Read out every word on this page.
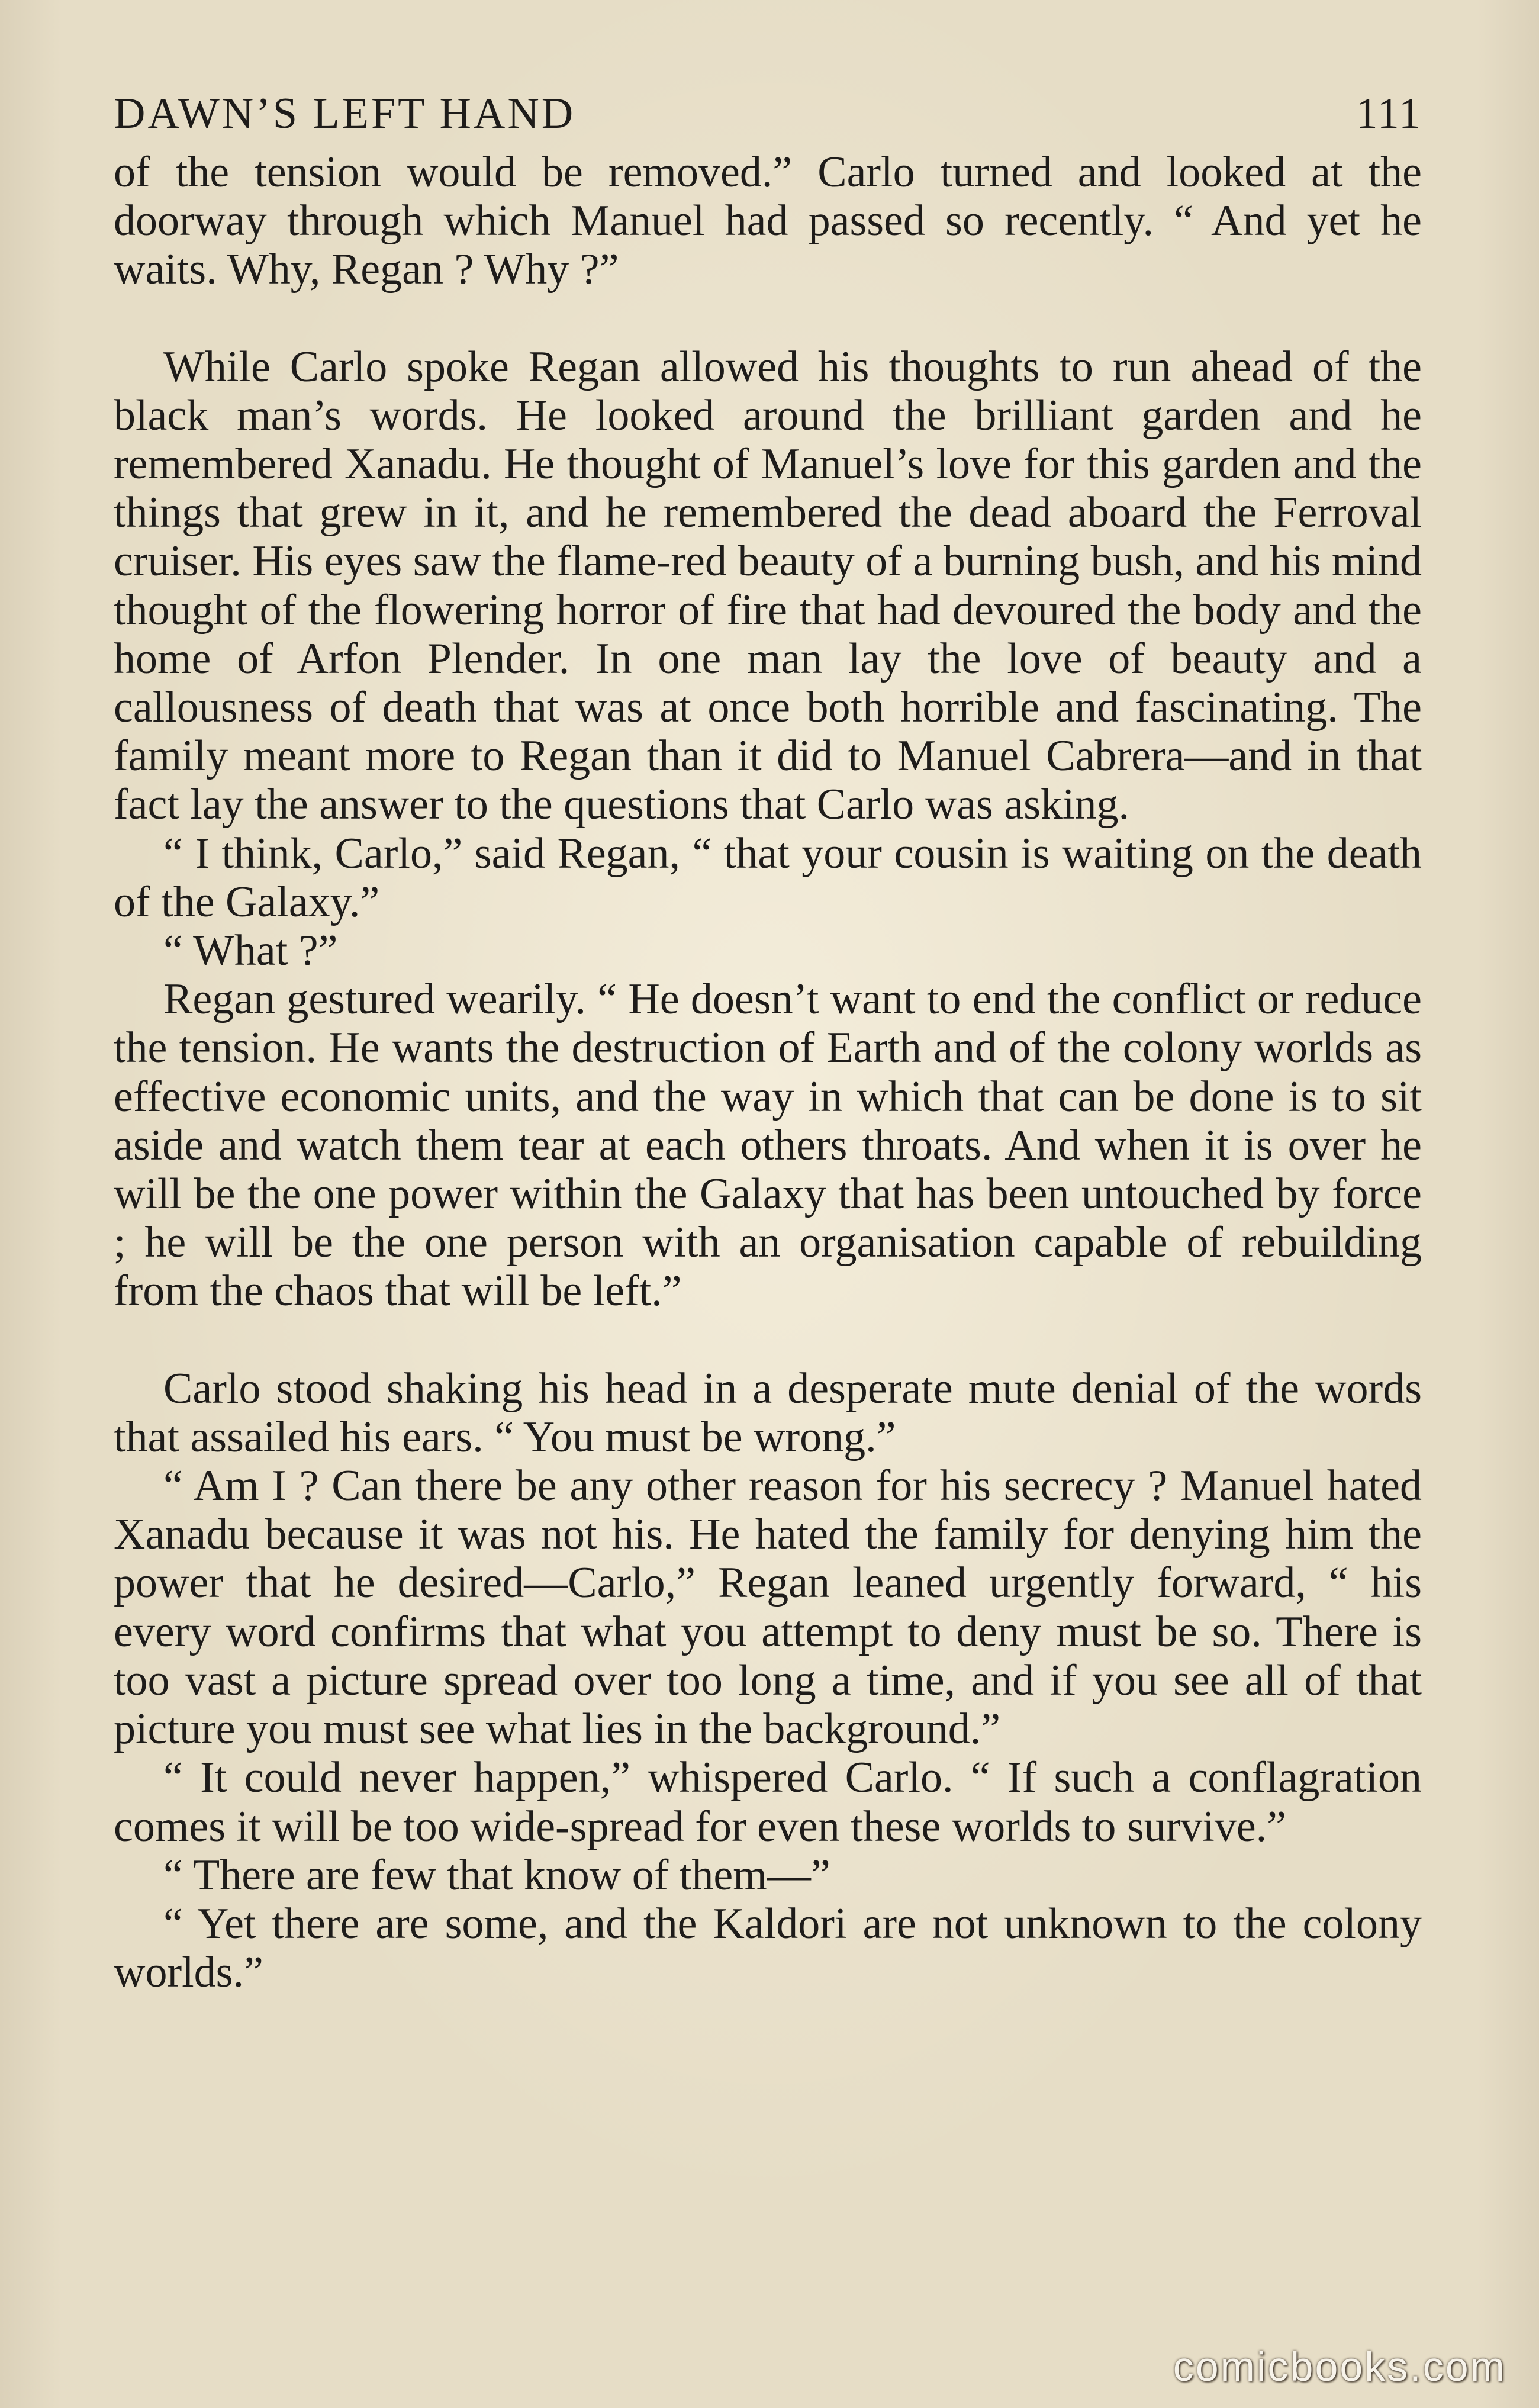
DAWN’S LEFT HAND	111

of the tension would be removed.” Carlo turned and looked at the doorway through which Manuel had passed so recently. “ And yet he waits. Why, Regan ? Why ?”

While Carlo spoke Regan allowed his thoughts to run ahead of the black man’s words. He looked around the brilliant garden and he remembered Xanadu. He thought of Manuel’s love for this garden and the things that grew in it, and he remembered the dead aboard the Ferroval cruiser. His eyes saw the flame-red beauty of a burning bush, and his mind thought of the flowering horror of fire that had devoured the body and the home of Arfon Plender. In one man lay the love of beauty and a callousness of death that was at once both horrible and fascinating. The family meant more to Regan than it did to Manuel Cabrera—and in that fact lay the answer to the questions that Carlo was asking.

“ I think, Carlo,” said Regan, “ that your cousin is waiting on the death of the Galaxy.”

“ What ?”

Regan gestured wearily. “ He doesn’t want to end the conflict or reduce the tension. He wants the destruction of Earth and of the colony worlds as effective economic units, and the way in which that can be done is to sit aside and watch them tear at each others throats. And when it is over he will be the one power within the Galaxy that has been untouched by force ; he will be the one person with an organisation capable of rebuilding from the chaos that will be left.”

Carlo stood shaking his head in a desperate mute denial of the words that assailed his ears. “ You must be wrong.”

“ Am I ? Can there be any other reason for his secrecy ? Manuel hated Xanadu because it was not his. He hated the family for denying him the power that he desired—Carlo,” Regan leaned urgently forward, “ his every word confirms that what you attempt to deny must be so. There is too vast a picture spread over too long a time, and if you see all of that picture you must see what lies in the background.”

“ It could never happen,” whispered Carlo. “ If such a conflagration comes it will be too wide-spread for even these worlds to survive.”

“ There are few that know of them—”

“ Yet there are some, and the Kaldori are not unknown to the colony worlds.”

comicbooks.com
